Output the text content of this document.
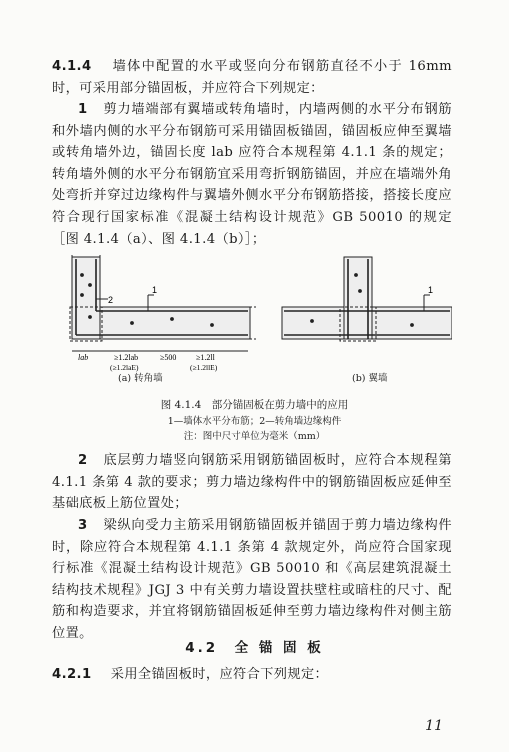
4.1.4 墙体中配置的水平或竖向分布钢筋直径不小于 16mm 时，可采用部分锚固板，并应符合下列规定：
1 剪力墙端部有翼墙或转角墙时，内墙两侧的水平分布钢筋和外墙内侧的水平分布钢筋可采用锚固板锚固，锚固板应伸至翼墙或转角墙外边，锚固长度 lab 应符合本规程第 4.1.1 条的规定；转角墙外侧的水平分布钢筋宜采用弯折钢筋锚固，并应在墙端外角处弯折并穿过边缘构件与翼墙外侧水平分布钢筋搭接，搭接长度应符合现行国家标准《混凝土结构设计规范》GB 50010 的规定［图 4.1.4（a）、图 4.1.4（b）］；
1
2
lab	≥1.2lab
(≥1.2laE)
≥500 ≥1.2ll
(≥1.2llE)
1
(a) 转角墙	(b) 翼墙
图 4.1.4　部分锚固板在剪力墙中的应用
1—墙体水平分布筋；2—转角墙边缘构件
注：图中尺寸单位为毫米（mm）
2 底层剪力墙竖向钢筋采用钢筋锚固板时，应符合本规程第 4.1.1 条第 4 款的要求；剪力墙边缘构件中的钢筋锚固板应延伸至基础底板上筋位置处；
3 梁纵向受力主筋采用钢筋锚固板并锚固于剪力墙边缘构件时，除应符合本规程第 4.1.1 条第 4 款规定外，尚应符合国家现行标准《混凝土结构设计规范》GB 50010 和《高层建筑混凝土结构技术规程》JGJ 3 中有关剪力墙设置扶壁柱或暗柱的尺寸、配筋和构造要求，并宜将钢筋锚固板延伸至剪力墙边缘构件对侧主筋位置。
4.2　全 锚 固 板
4.2.1 采用全锚固板时，应符合下列规定：
11
